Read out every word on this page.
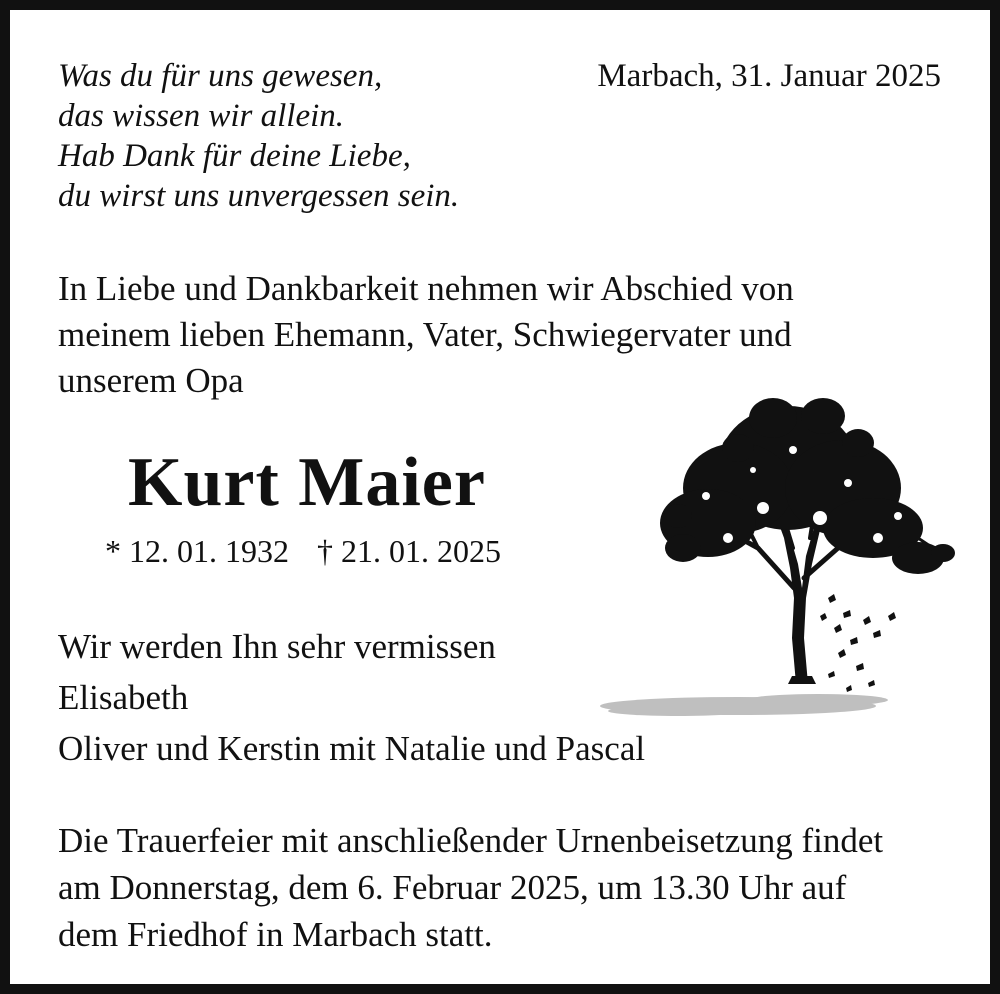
Was du für uns gewesen,
das wissen wir allein.
Hab Dank für deine Liebe,
du wirst uns unvergessen sein.
Marbach, 31. Januar 2025
In Liebe und Dankbarkeit nehmen wir Abschied von
meinem lieben Ehemann, Vater, Schwiegervater und
unserem Opa
Kurt Maier
* 12. 01. 1932 † 21. 01. 2025
Wir werden Ihn sehr vermissen
Elisabeth
Oliver und Kerstin mit Natalie und Pascal
Die Trauerfeier mit anschließender Urnenbeisetzung findet
am Donnerstag, dem 6. Februar 2025, um 13.30 Uhr auf
dem Friedhof in Marbach statt.
